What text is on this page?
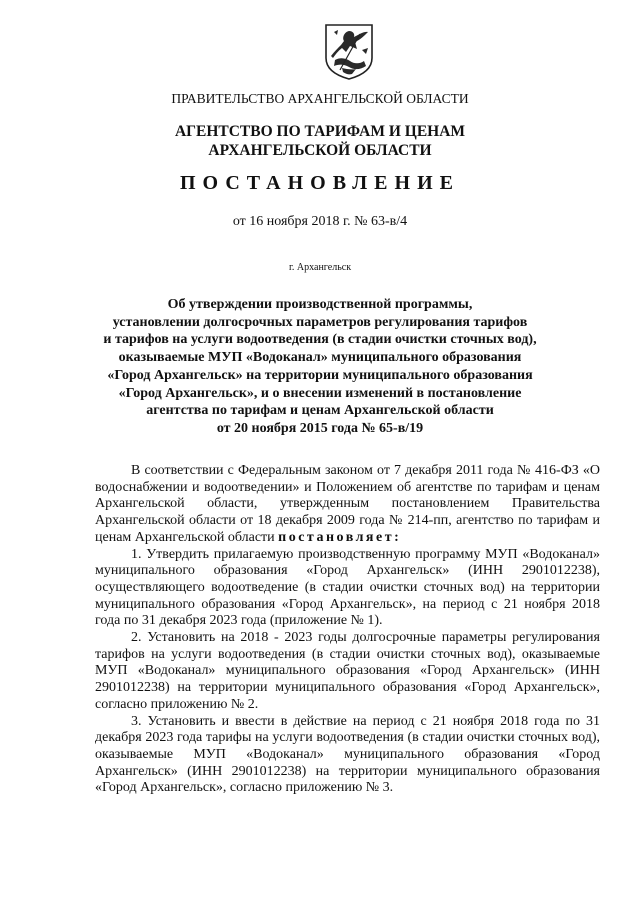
ПРАВИТЕЛЬСТВО АРХАНГЕЛЬСКОЙ ОБЛАСТИ
АГЕНТСТВО ПО ТАРИФАМ И ЦЕНАМ
АРХАНГЕЛЬСКОЙ ОБЛАСТИ
ПОСТАНОВЛЕНИЕ
от 16 ноября 2018 г. № 63-в/4
г. Архангельск
Об утверждении производственной программы,
установлении долгосрочных параметров регулирования тарифов
и тарифов на услуги водоотведения (в стадии очистки сточных вод),
оказываемые МУП «Водоканал» муниципального образования
«Город Архангельск» на территории муниципального образования
«Город Архангельск», и о внесении изменений в постановление
агентства по тарифам и ценам Архангельской области
от 20 ноября 2015 года № 65-в/19

В соответствии с Федеральным законом от 7 декабря 2011 года № 416-ФЗ «О водоснабжении и водоотведении» и Положением об агентстве по тарифам и ценам Архангельской области, утвержденным постановлением Правительства Архангельской области от 18 декабря 2009 года № 214-пп, агентство по тарифам и ценам Архангельской области постановляет:

1. Утвердить прилагаемую производственную программу МУП «Водоканал» муниципального образования «Город Архангельск» (ИНН 2901012238), осуществляющего водоотведение (в стадии очистки сточных вод) на территории муниципального образования «Город Архангельск», на период с 21 ноября 2018 года по 31 декабря 2023 года (приложение № 1).

2. Установить на 2018 - 2023 годы долгосрочные параметры регулирования тарифов на услуги водоотведения (в стадии очистки сточных вод), оказываемые МУП «Водоканал» муниципального образования «Город Архангельск» (ИНН 2901012238) на территории муниципального образования «Город Архангельск», согласно приложению № 2.

3. Установить и ввести в действие на период с 21 ноября 2018 года по 31 декабря 2023 года тарифы на услуги водоотведения (в стадии очистки сточных вод), оказываемые МУП «Водоканал» муниципального образования «Город Архангельск» (ИНН 2901012238) на территории муниципального образования «Город Архангельск», согласно приложению № 3.
